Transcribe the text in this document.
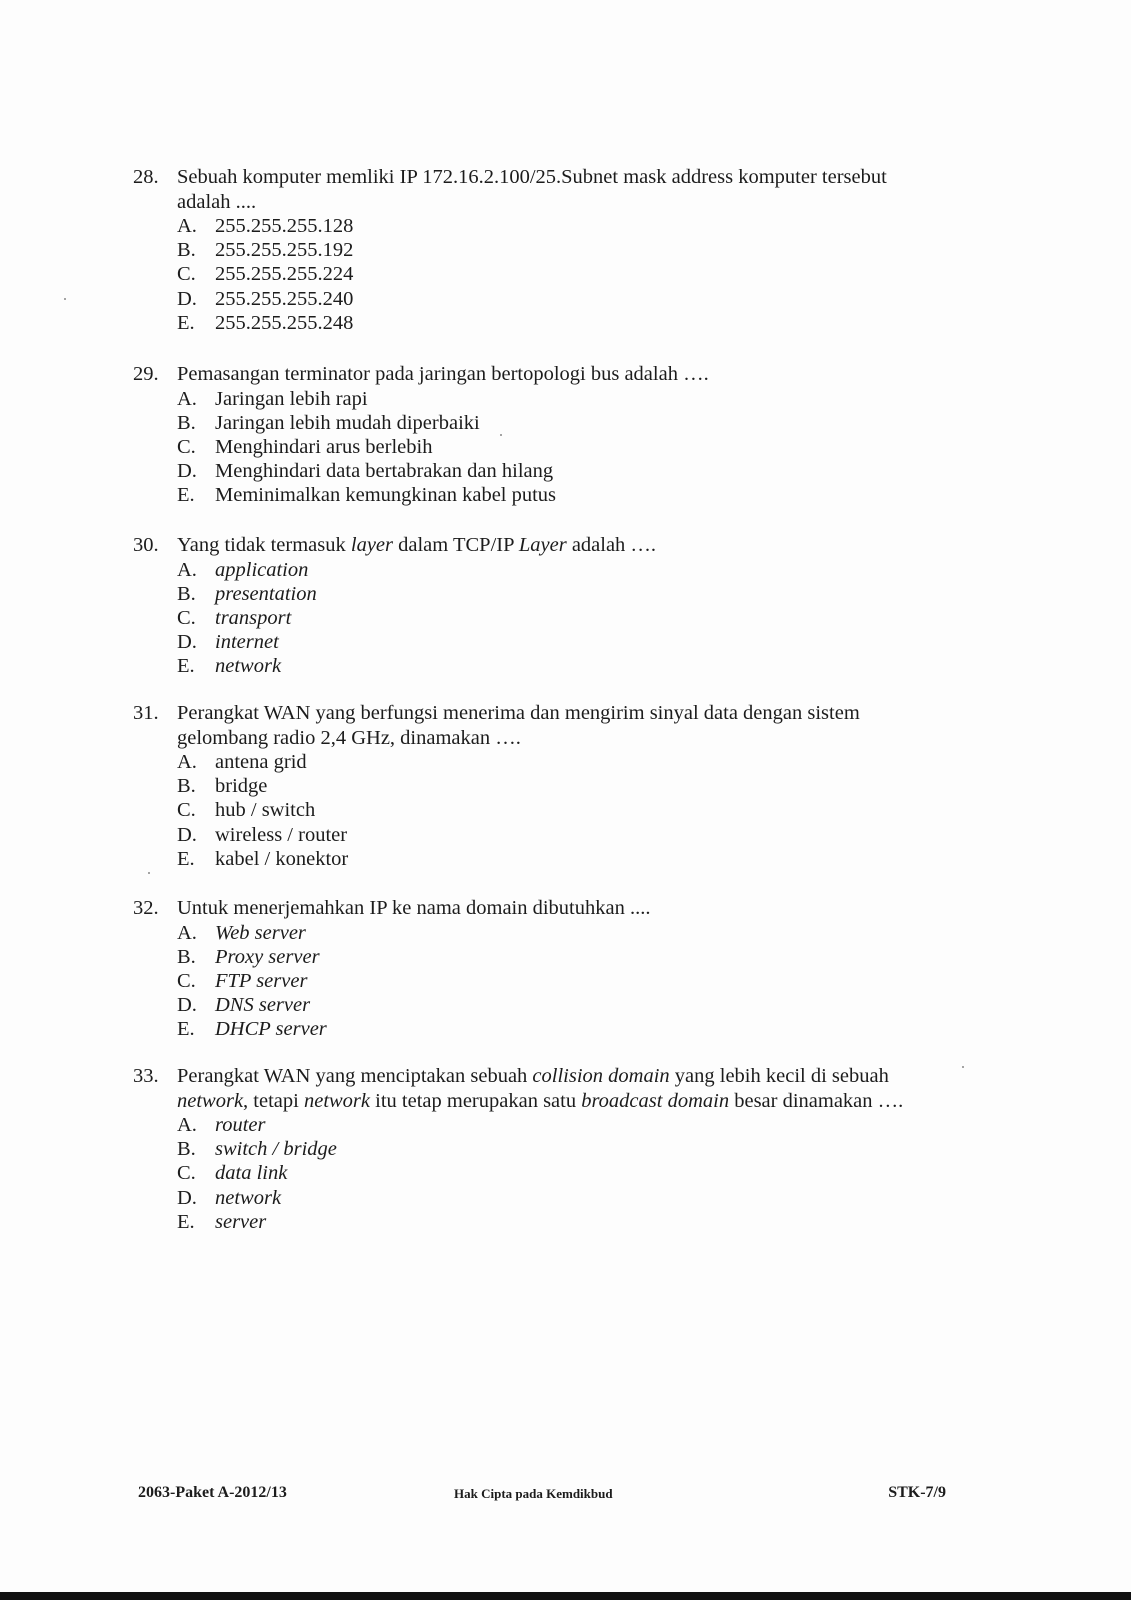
28. Sebuah komputer memliki IP 172.16.2.100/25.Subnet mask address komputer tersebut
adalah ....
A. 255.255.255.128
B. 255.255.255.192
C. 255.255.255.224
D. 255.255.255.240
E. 255.255.255.248
29. Pemasangan terminator pada jaringan bertopologi bus adalah ….
A. Jaringan lebih rapi
B. Jaringan lebih mudah diperbaiki
C. Menghindari arus berlebih
D. Menghindari data bertabrakan dan hilang
E. Meminimalkan kemungkinan kabel putus
30. Yang tidak termasuk layer dalam TCP/IP Layer adalah ….
A. application
B. presentation
C. transport
D. internet
E. network
31. Perangkat WAN yang berfungsi menerima dan mengirim sinyal data dengan sistem
gelombang radio 2,4 GHz, dinamakan ….
A. antena grid
B. bridge
C. hub / switch
D. wireless / router
E. kabel / konektor
32. Untuk menerjemahkan IP ke nama domain dibutuhkan ....
A. Web server
B. Proxy server
C. FTP server
D. DNS server
E. DHCP server
33. Perangkat WAN yang menciptakan sebuah collision domain yang lebih kecil di sebuah
network, tetapi network itu tetap merupakan satu broadcast domain besar dinamakan ….
A. router
B. switch / bridge
C. data link
D. network
E. server
2063-Paket A-2012/13	Hak Cipta pada Kemdikbud	STK-7/9
